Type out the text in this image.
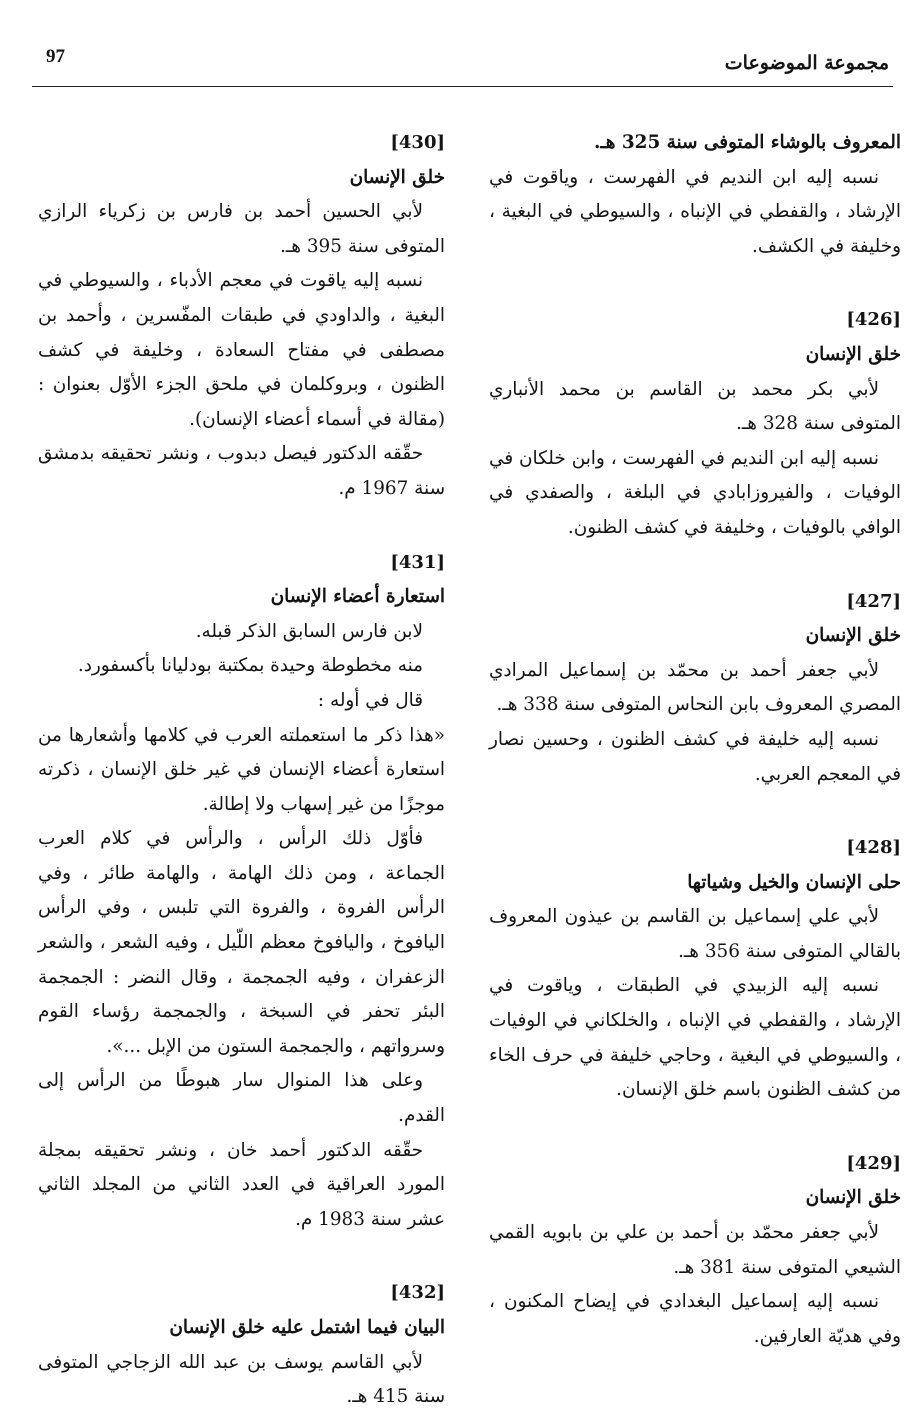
97	مجموعة الموضوعات

المعروف بالوشاء المتوفى سنة 325 هـ.

نسبه إليه ابن النديم في الفهرست ، وياقوت في الإرشاد ، والقفطي في الإنباه ، والسيوطي في البغية ، وخليفة في الكشف.

[426]

خلق الإنسان

لأبي بكر محمد بن القاسم بن محمد الأنباري المتوفى سنة 328 هـ.

نسبه إليه ابن النديم في الفهرست ، وابن خلكان في الوفيات ، والفيروزابادي في البلغة ، والصفدي في الوافي بالوفيات ، وخليفة في كشف الظنون.

[427]

خلق الإنسان

لأبي جعفر أحمد بن محمّد بن إسماعيل المرادي المصري المعروف بابن النحاس المتوفى سنة 338 هـ.

نسبه إليه خليفة في كشف الظنون ، وحسين نصار في المعجم العربي.

[428]

حلى الإنسان والخيل وشياتها

لأبي علي إسماعيل بن القاسم بن عيذون المعروف بالقالي المتوفى سنة 356 هـ.

نسبه إليه الزبيدي في الطبقات ، وياقوت في الإرشاد ، والقفطي في الإنباه ، والخلكاني في الوفيات ، والسيوطي في البغية ، وحاجي خليفة في حرف الخاء من كشف الظنون باسم خلق الإنسان.

[429]

خلق الإنسان

لأبي جعفر محمّد بن أحمد بن علي بن بابويه القمي الشيعي المتوفى سنة 381 هـ.

نسبه إليه إسماعيل البغدادي في إيضاح المكنون ، وفي هديّة العارفين.

[430]

خلق الإنسان

لأبي الحسين أحمد بن فارس بن زكرياء الرازي المتوفى سنة 395 هـ.

نسبه إليه ياقوت في معجم الأدباء ، والسيوطي في البغية ، والداودي في طبقات المفّسرين ، وأحمد بن مصطفى في مفتاح السعادة ، وخليفة في كشف الظنون ، وبروكلمان في ملحق الجزء الأوّل بعنوان : (مقالة في أسماء أعضاء الإنسان).

حقّقه الدكتور فيصل دبدوب ، ونشر تحقيقه بدمشق سنة 1967 م.

[431]

استعارة أعضاء الإنسان

لابن فارس السابق الذكر قبله.

منه مخطوطة وحيدة بمكتبة بودليانا بأكسفورد.

قال في أوله :

«هذا ذكر ما استعملته العرب في كلامها وأشعارها من استعارة أعضاء الإنسان في غير خلق الإنسان ، ذكرته موجزًا من غير إسهاب ولا إطالة.

فأوّل ذلك الرأس ، والرأس في كلام العرب الجماعة ، ومن ذلك الهامة ، والهامة طائر ، وفي الرأس الفروة ، والفروة التي تلبس ، وفي الرأس اليافوخ ، واليافوخ معظم اللّيل ، وفيه الشعر ، والشعر الزعفران ، وفيه الجمجمة ، وقال النضر : الجمجمة البئر تحفر في السبخة ، والجمجمة رؤساء القوم وسرواتهم ، والجمجمة الستون من الإبل ...».

وعلى هذا المنوال سار هبوطًا من الرأس إلى القدم.

حقّقه الدكتور أحمد خان ، ونشر تحقيقه بمجلة المورد العراقية في العدد الثاني من المجلد الثاني عشر سنة 1983 م.

[432]

البيان فيما اشتمل عليه خلق الإنسان

لأبي القاسم يوسف بن عبد الله الزجاجي المتوفى سنة 415 هـ.
